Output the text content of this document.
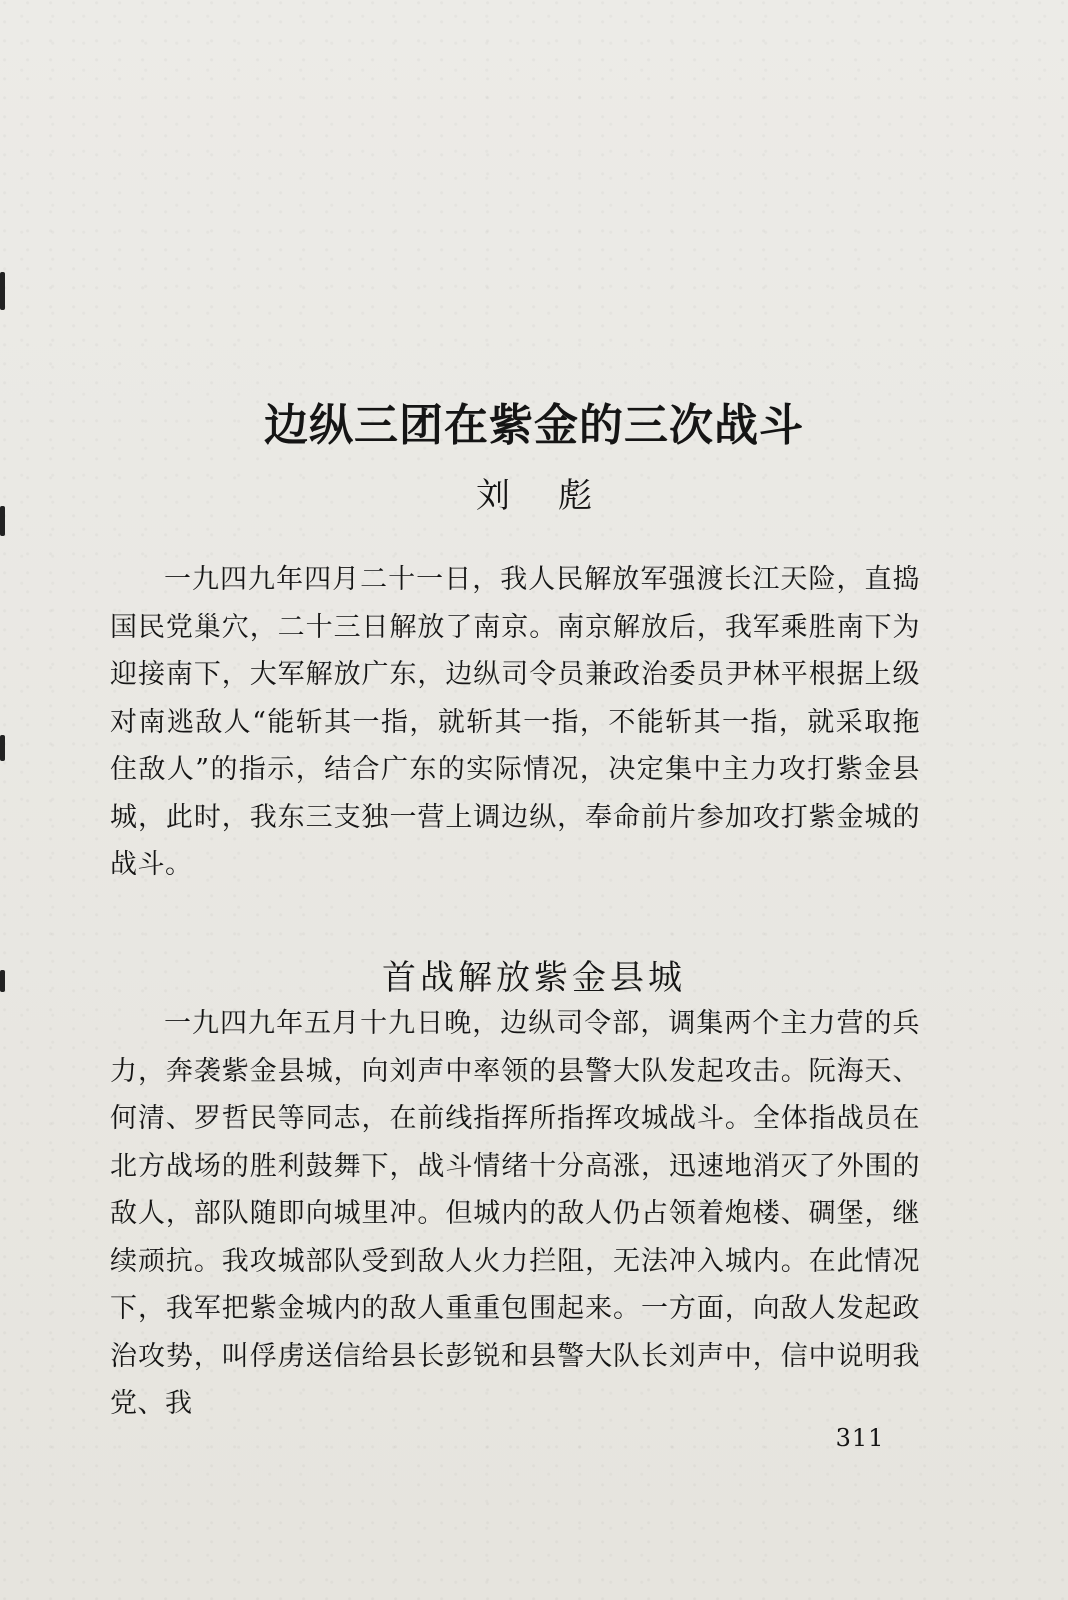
边纵三团在紫金的三次战斗
刘彪

一九四九年四月二十一日，我人民解放军强渡长江天险，直捣国民党巢穴，二十三日解放了南京。南京解放后，我军乘胜南下为迎接南下，大军解放广东，边纵司令员兼政治委员尹林平根据上级对南逃敌人“能斩其一指，就斩其一指，不能斩其一指，就采取拖住敌人”的指示，结合广东的实际情况，决定集中主力攻打紫金县城，此时，我东三支独一营上调边纵，奉命前片参加攻打紫金城的战斗。

首战解放紫金县城

一九四九年五月十九日晚，边纵司令部，调集两个主力营的兵力，奔袭紫金县城，向刘声中率领的县警大队发起攻击。阮海天、何清、罗哲民等同志，在前线指挥所指挥攻城战斗。全体指战员在北方战场的胜利鼓舞下，战斗情绪十分高涨，迅速地消灭了外围的敌人，部队随即向城里冲。但城内的敌人仍占领着炮楼、碉堡，继续顽抗。我攻城部队受到敌人火力拦阻，无法冲入城内。在此情况下，我军把紫金城内的敌人重重包围起来。一方面，向敌人发起政治攻势，叫俘虏送信给县长彭锐和县警大队长刘声中，信中说明我党、我

311
